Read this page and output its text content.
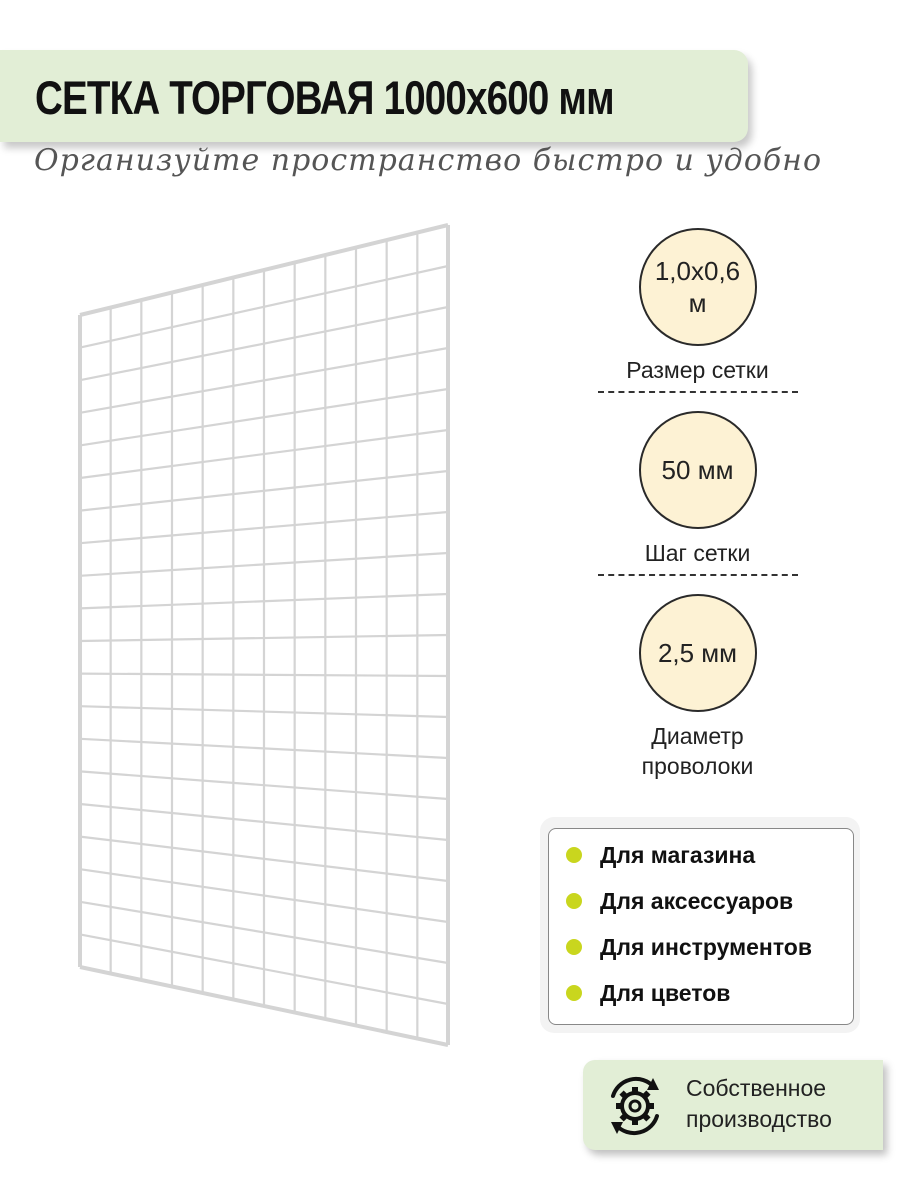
СЕТКА ТОРГОВАЯ 1000х600 мм
Организуйте пространство быстро и удобно
1,0х0,6 м
Размер сетки
50 мм
Шаг сетки
2,5 мм
Диаметр проволоки
Для магазина
Для аксессуаров
Для инструментов
Для цветов
Собственное производство
